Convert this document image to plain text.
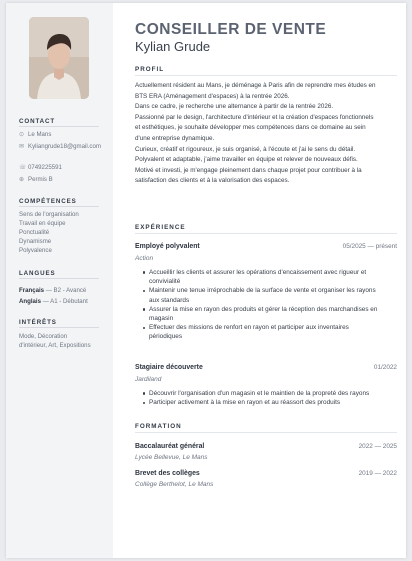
CONTACT
⊙ Le Mans
✉ Kyliangrude18@gmail.com
☏ 0749225591
⊕ Permis B
COMPÉTENCES
Sens de l'organisation
Travail en équipe
Ponctualité
Dynamisme
Polyvalence
LANGUES
Français — B2 - Avancé
Anglais — A1 - Débutant
INTÉRÊTS
Mode, Décoration
d'intérieur, Art, Expositions
CONSEILLER DE VENTE
Kylian Grude
PROFIL
Actuellement résident au Mans, je déménage à Paris afin de reprendre mes études en
BTS ERA (Aménagement d'espaces) à la rentrée 2026.
Dans ce cadre, je recherche une alternance à partir de la rentrée 2026.
Passionné par le design, l'architecture d'intérieur et la création d'espaces fonctionnels
et esthétiques, je souhaite développer mes compétences dans ce domaine au sein
d'une entreprise dynamique.
Curieux, créatif et rigoureux, je suis organisé, à l'écoute et j'ai le sens du détail.
Polyvalent et adaptable, j'aime travailler en équipe et relever de nouveaux défis.
Motivé et investi, je m'engage pleinement dans chaque projet pour contribuer à la
satisfaction des clients et à la valorisation des espaces.
EXPÉRIENCE
Employé polyvalent	05/2025 — présent
Action
Accueillir les clients et assurer les opérations d'encaissement avec rigueur et
convivialité
Maintenir une tenue irréprochable de la surface de vente et organiser les rayons
aux standards
Assurer la mise en rayon des produits et gérer la réception des marchandises en
magasin
Effectuer des missions de renfort en rayon et participer aux inventaires
périodiques
Stagiaire découverte	01/2022
Jardiland
Découvrir l'organisation d'un magasin et le maintien de la propreté des rayons
Participer activement à la mise en rayon et au réassort des produits
FORMATION
Baccalauréat général	2022 — 2025
Lycée Bellevue, Le Mans
Brevet des collèges	2019 — 2022
Collège Berthelot, Le Mans
